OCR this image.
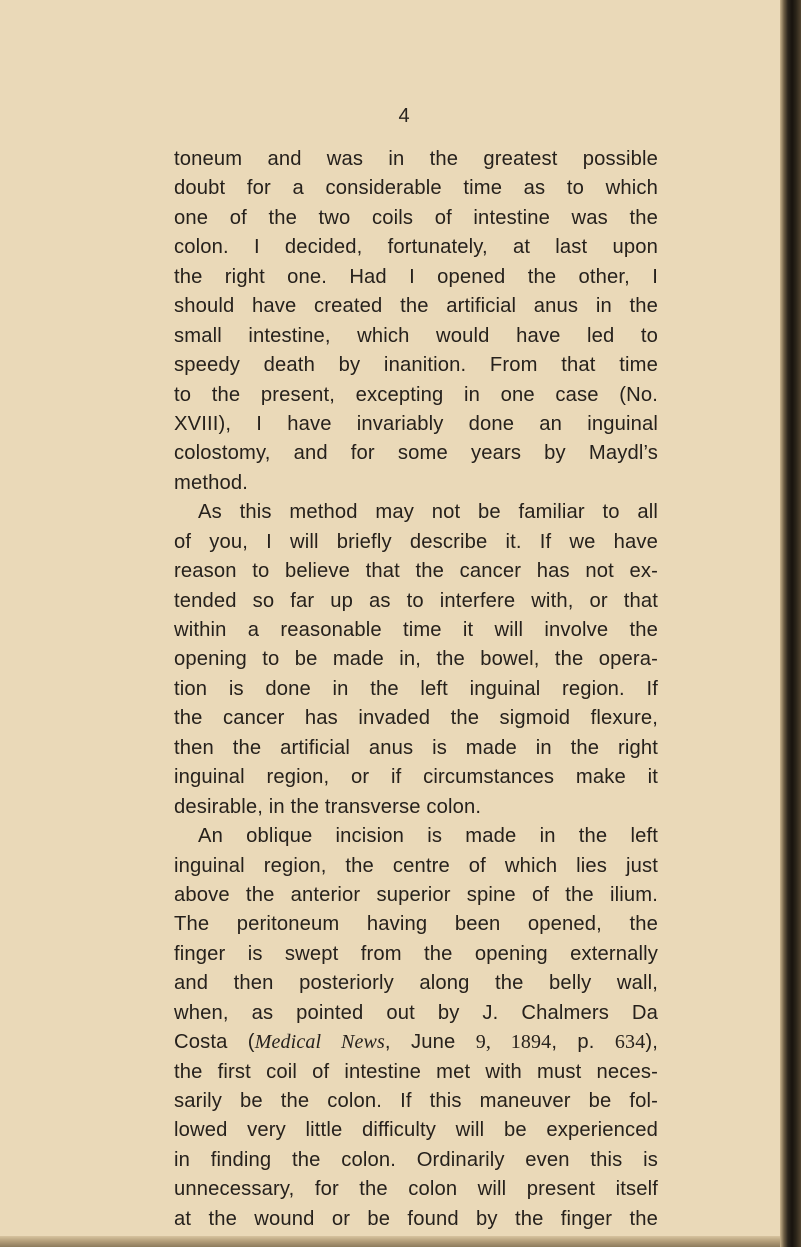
4
toneum and was in the greatest possible
doubt for a considerable time as to which
one of the two coils of intestine was the
colon. I decided, fortunately, at last upon
the right one. Had I opened the other, I
should have created the artificial anus in the
small intestine, which would have led to
speedy death by inanition. From that time
to the present, excepting in one case (No.
XVIII), I have invariably done an inguinal
colostomy, and for some years by Maydl’s
method.
As this method may not be familiar to all
of you, I will briefly describe it. If we have
reason to believe that the cancer has not ex-
tended so far up as to interfere with, or that
within a reasonable time it will involve the
opening to be made in, the bowel, the opera-
tion is done in the left inguinal region. If
the cancer has invaded the sigmoid flexure,
then the artificial anus is made in the right
inguinal region, or if circumstances make it
desirable, in the transverse colon.
An oblique incision is made in the left
inguinal region, the centre of which lies just
above the anterior superior spine of the ilium.
The peritoneum having been opened, the
finger is swept from the opening externally
and then posteriorly along the belly wall,
when, as pointed out by J. Chalmers Da
Costa (Medical News, June 9, 1894, p. 634),
the first coil of intestine met with must neces-
sarily be the colon. If this maneuver be fol-
lowed very little difficulty will be experienced
in finding the colon. Ordinarily even this is
unnecessary, for the colon will present itself
at the wound or be found by the finger the
